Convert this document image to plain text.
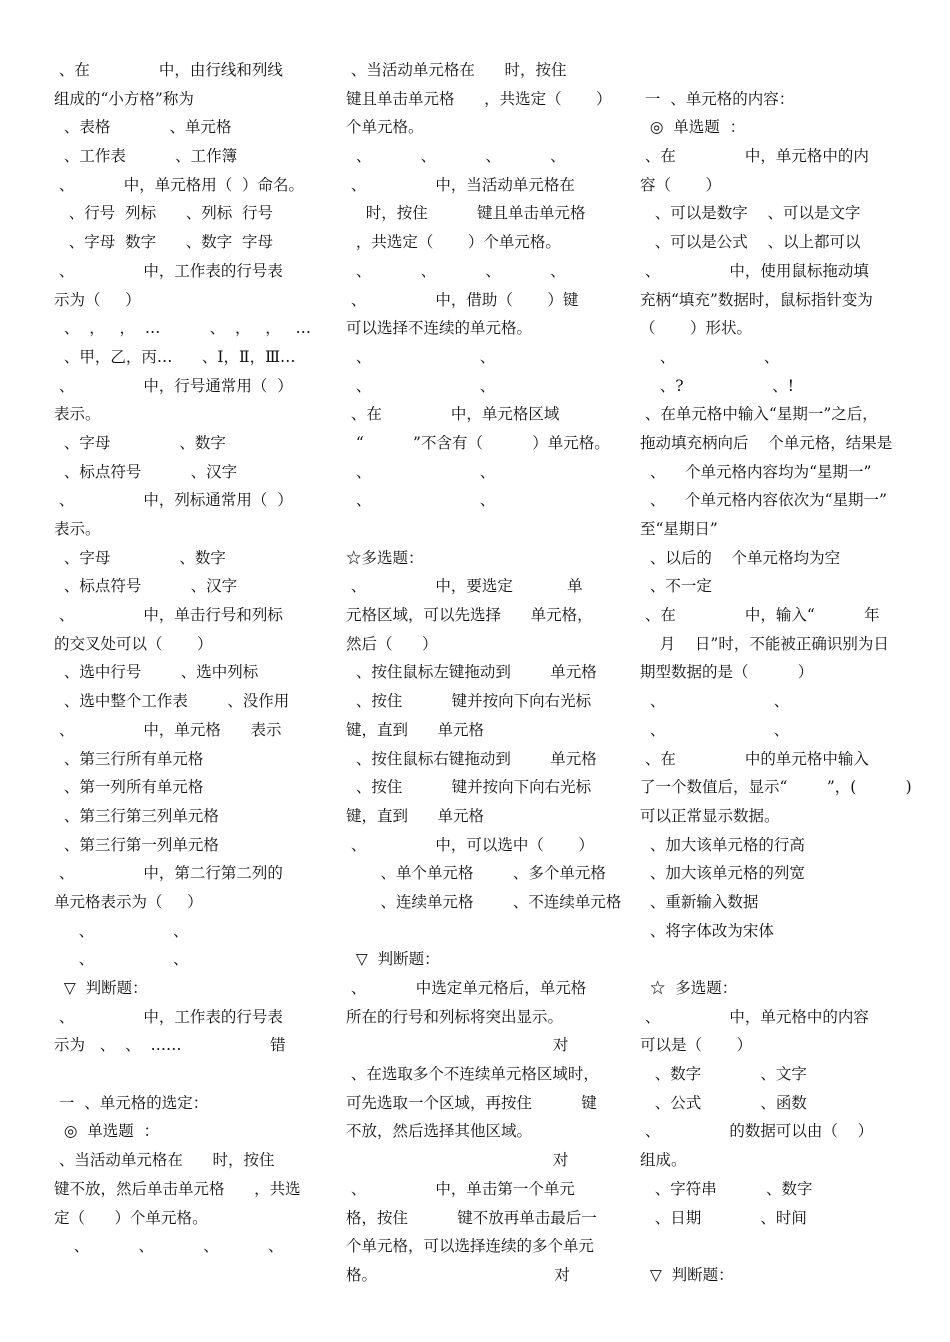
、在              中，由行线和列线
组成的“小方格”称为
、表格            、单元格
、工作表          、工作簿
、          中，单元格用（  ）命名。
、行号  列标      、列标  行号
、字母  数字      、数字  字母
、              中，工作表的行号表
示为（     ）
、  ，   ，  …          、  ，   ，   …
、甲，乙，丙…      、Ⅰ，Ⅱ，Ⅲ…
、              中，行号通常用（  ）
表示。
、字母              、数字
、标点符号          、汉字
、              中，列标通常用（  ）
表示。
、字母              、数字
、标点符号          、汉字
、              中，单击行号和列标
的交叉处可以（       ）
、选中行号        、选中列标
、选中整个工作表        、没作用
、              中，单元格      表示
、第三行所有单元格
、第一列所有单元格
、第三行第三列单元格
、第三行第一列单元格
、              中，第二行第二列的
单元格表示为（     ）
、                、
、                、
▽  判断题：
、              中，工作表的行号表
示为   、  、  ……                  错
一  、单元格的选定：
◎  单选题  ：
、当活动单元格在      时，按住
键不放，然后单击单元格      ，共选
定（      ）个单元格。
、          、          、          、
、当活动单元格在      时，按住
键且单击单元格      ，共选定（       ）
个单元格。
、          、          、          、
、              中，当活动单元格在
时，按住          键且单击单元格
，共选定（       ）个单元格。
、          、          、          、
、              中，借助（       ）键
可以选择不连续的单元格。
、                      、
、                      、
、在              中，单元格区域
“          ”不含有（          ）单元格。
、                      、
、                      、
☆多选题：
、              中，要选定           单
元格区域，可以先选择      单元格，
然后（      ）
、按住鼠标左键拖动到        单元格
、按住          键并按向下向右光标
键，直到      单元格
、按住鼠标右键拖动到        单元格
、按住          键并按向下向右光标
键，直到      单元格
、              中，可以选中（       ）
、单个单元格        、多个单元格
、连续单元格        、不连续单元格
▽  判断题：
、          中选定单元格后，单元格
所在的行号和列标将突出显示。
对
、在选取多个不连续单元格区域时，
可先选取一个区域，再按住          键
不放，然后选择其他区域。
对
、              中，单击第一个单元
格，按住          键不放再单击最后一
个单元格，可以选择连续的多个单元
格。                                    对
一  、单元格的内容：
◎  单选题  ：
、在              中，单元格中的内
容（       ）
、可以是数字    、可以是文字
、可以是公式    、以上都可以
、              中，使用鼠标拖动填
充柄“填充”数据时，鼠标指针变为
（       ）形状。
、                  、
、?                  、!
、在单元格中输入“星期一”之后，
拖动填充柄向后    个单元格，结果是
、    个单元格内容均为“星期一”
、    个单元格内容依次为“星期一”
至“星期日”
、以后的    个单元格均为空
、不一定
、在              中，输入“          年
月    日”时，不能被正确识别为日
期型数据的是（          ）
、                      、
、                      、
、在              中的单元格中输入
了一个数值后，显示“        ”，(          )
可以正常显示数据。
、加大该单元格的行高
、加大该单元格的列宽
、重新输入数据
、将字体改为宋体
☆  多选题：
、              中，单元格中的内容
可以是（       ）
、数字            、文字
、公式            、函数
、              的数据可以由（    ）
组成。
、字符串          、数字
、日期            、时间
▽  判断题：
